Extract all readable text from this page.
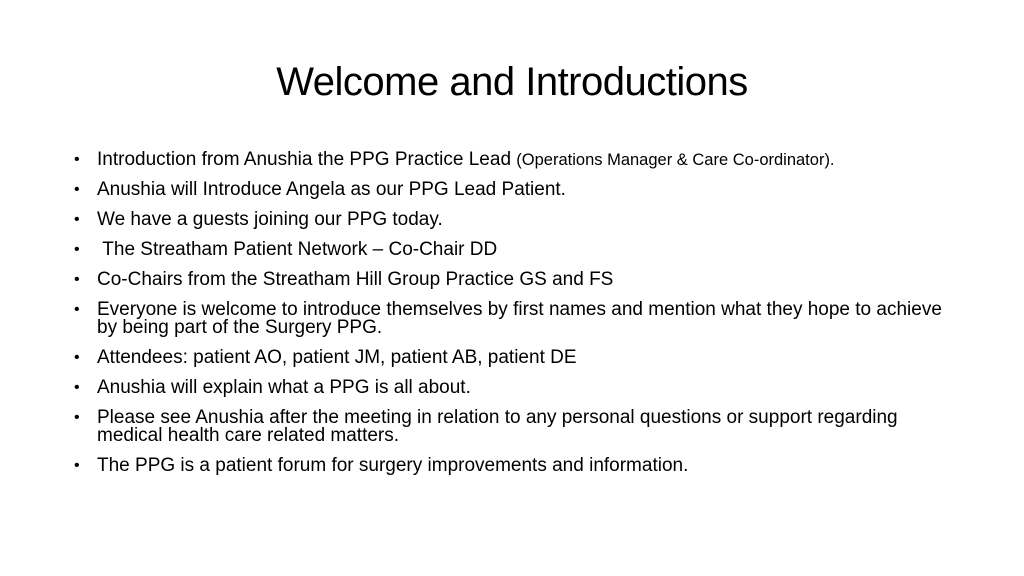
Welcome and Introductions
• Introduction from Anushia the PPG Practice Lead (Operations Manager & Care Co-ordinator).
• Anushia will Introduce Angela as our PPG Lead Patient.
• We have a guests joining our PPG today.
• The Streatham Patient Network – Co-Chair DD
• Co-Chairs from the Streatham Hill Group Practice GS and FS
• Everyone is welcome to introduce themselves by first names and mention what they hope to achieve by being part of the Surgery PPG.
• Attendees: patient AO, patient JM, patient AB, patient DE
• Anushia will explain what a PPG is all about.
• Please see Anushia after the meeting in relation to any personal questions or support regarding medical health care related matters.
• The PPG is a patient forum for surgery improvements and information.
